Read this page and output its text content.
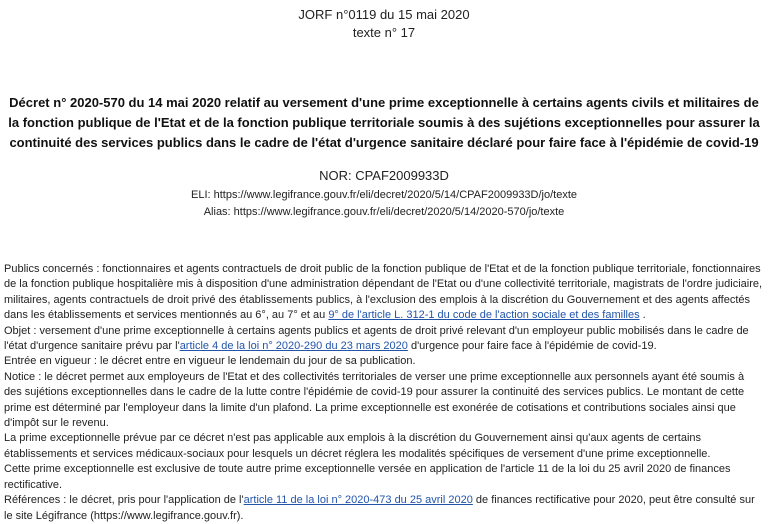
JORF n°0119 du 15 mai 2020
texte n° 17
Décret n° 2020-570 du 14 mai 2020 relatif au versement d'une prime exceptionnelle à certains agents civils et militaires de la fonction publique de l'Etat et de la fonction publique territoriale soumis à des sujétions exceptionnelles pour assurer la continuité des services publics dans le cadre de l'état d'urgence sanitaire déclaré pour faire face à l'épidémie de covid-19
NOR: CPAF2009933D
ELI: https://www.legifrance.gouv.fr/eli/decret/2020/5/14/CPAF2009933D/jo/texte
Alias: https://www.legifrance.gouv.fr/eli/decret/2020/5/14/2020-570/jo/texte

Publics concernés : fonctionnaires et agents contractuels de droit public de la fonction publique de l'Etat et de la fonction publique territoriale, fonctionnaires de la fonction publique hospitalière mis à disposition d'une administration dépendant de l'Etat ou d'une collectivité territoriale, magistrats de l'ordre judiciaire, militaires, agents contractuels de droit privé des établissements publics, à l'exclusion des emplois à la discrétion du Gouvernement et des agents affectés dans les établissements et services mentionnés au 6°, au 7° et au 9° de l'article L. 312-1 du code de l'action sociale et des familles .

Objet : versement d'une prime exceptionnelle à certains agents publics et agents de droit privé relevant d'un employeur public mobilisés dans le cadre de l'état d'urgence sanitaire prévu par l'article 4 de la loi n° 2020-290 du 23 mars 2020 d'urgence pour faire face à l'épidémie de covid-19.

Entrée en vigueur : le décret entre en vigueur le lendemain du jour de sa publication.

Notice : le décret permet aux employeurs de l'Etat et des collectivités territoriales de verser une prime exceptionnelle aux personnels ayant été soumis à des sujétions exceptionnelles dans le cadre de la lutte contre l'épidémie de covid-19 pour assurer la continuité des services publics. Le montant de cette prime est déterminé par l'employeur dans la limite d'un plafond. La prime exceptionnelle est exonérée de cotisations et contributions sociales ainsi que d'impôt sur le revenu.

La prime exceptionnelle prévue par ce décret n'est pas applicable aux emplois à la discrétion du Gouvernement ainsi qu'aux agents de certains établissements et services médicaux-sociaux pour lesquels un décret réglera les modalités spécifiques de versement d'une prime exceptionnelle.

Cette prime exceptionnelle est exclusive de toute autre prime exceptionnelle versée en application de l'article 11 de la loi du 25 avril 2020 de finances rectificative.

Références : le décret, pris pour l'application de l'article 11 de la loi n° 2020-473 du 25 avril 2020 de finances rectificative pour 2020, peut être consulté sur le site Légifrance (https://www.legifrance.gouv.fr).
